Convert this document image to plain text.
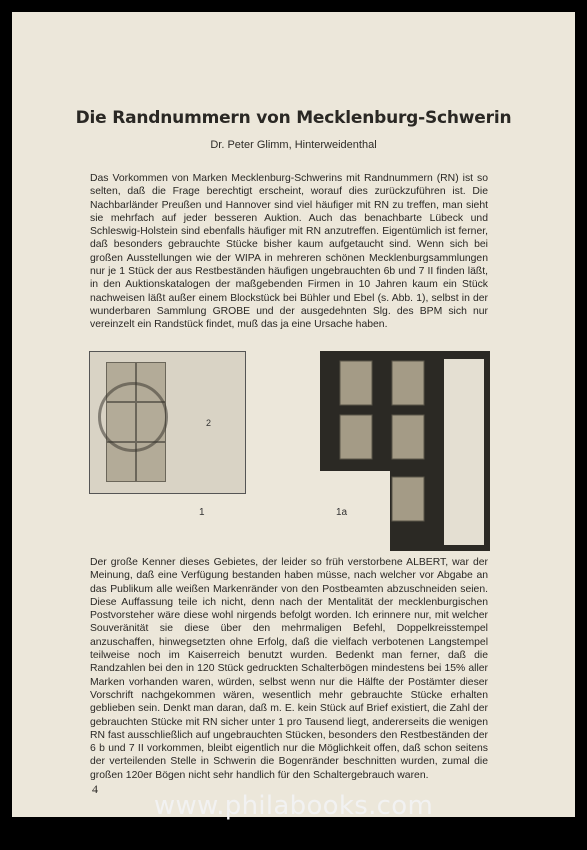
Die Randnummern von Mecklenburg-Schwerin
Dr. Peter Glimm, Hinterweidenthal

Das Vorkommen von Marken Mecklenburg-Schwerins mit Randnummern (RN) ist so selten, daß die Frage berechtigt erscheint, worauf dies zurückzuführen ist. Die Nachbarländer Preußen und Hannover sind viel häufiger mit RN zu treffen, man sieht sie mehrfach auf jeder besseren Auktion. Auch das benachbarte Lübeck und Schleswig-Holstein sind ebenfalls häufiger mit RN anzutreffen. Eigentümlich ist ferner, daß besonders gebrauchte Stücke bisher kaum aufgetaucht sind. Wenn sich bei großen Ausstellungen wie der WIPA in mehreren schönen Mecklenburgsammlungen nur je 1 Stück der aus Restbeständen häufigen ungebrauchten 6b und 7 II finden läßt, in den Auktionskatalogen der maßgebenden Firmen in 10 Jahren kaum ein Stück nachweisen läßt außer einem Blockstück bei Bühler und Ebel (s. Abb. 1), selbst in der wunderbaren Sammlung GROBE und der ausgedehnten Slg. des BPM sich nur vereinzelt ein Randstück findet, muß das ja eine Ursache haben.

2
1	1a

Der große Kenner dieses Gebietes, der leider so früh verstorbene ALBERT, war der Meinung, daß eine Verfügung bestanden haben müsse, nach welcher vor Abgabe an das Publikum alle weißen Markenränder von den Postbeamten abzuschneiden seien. Diese Auffassung teile ich nicht, denn nach der Mentalität der mecklenburgischen Postvorsteher wäre diese wohl nirgends befolgt worden. Ich erinnere nur, mit welcher Souveränität sie diese über den mehrmaligen Befehl, Doppelkreisstempel anzuschaffen, hinwegsetzten ohne Erfolg, daß die vielfach verbotenen Langstempel teilweise noch im Kaiserreich benutzt wurden. Bedenkt man ferner, daß die Randzahlen bei den in 120 Stück gedruckten Schalterbögen mindestens bei 15% aller Marken vorhanden waren, würden, selbst wenn nur die Hälfte der Postämter dieser Vorschrift nachgekommen wären, wesentlich mehr gebrauchte Stücke erhalten geblieben sein. Denkt man daran, daß m. E. kein Stück auf Brief existiert, die Zahl der gebrauchten Stücke mit RN sicher unter 1 pro Tausend liegt, andererseits die wenigen RN fast ausschließlich auf ungebrauchten Stücken, besonders den Restbeständen der 6 b und 7 II vorkommen, bleibt eigentlich nur die Möglichkeit offen, daß schon seitens der verteilenden Stelle in Schwerin die Bogenränder beschnitten wurden, zumal die großen 120er Bögen nicht sehr handlich für den Schaltergebrauch waren.

4
www.philabooks.com
